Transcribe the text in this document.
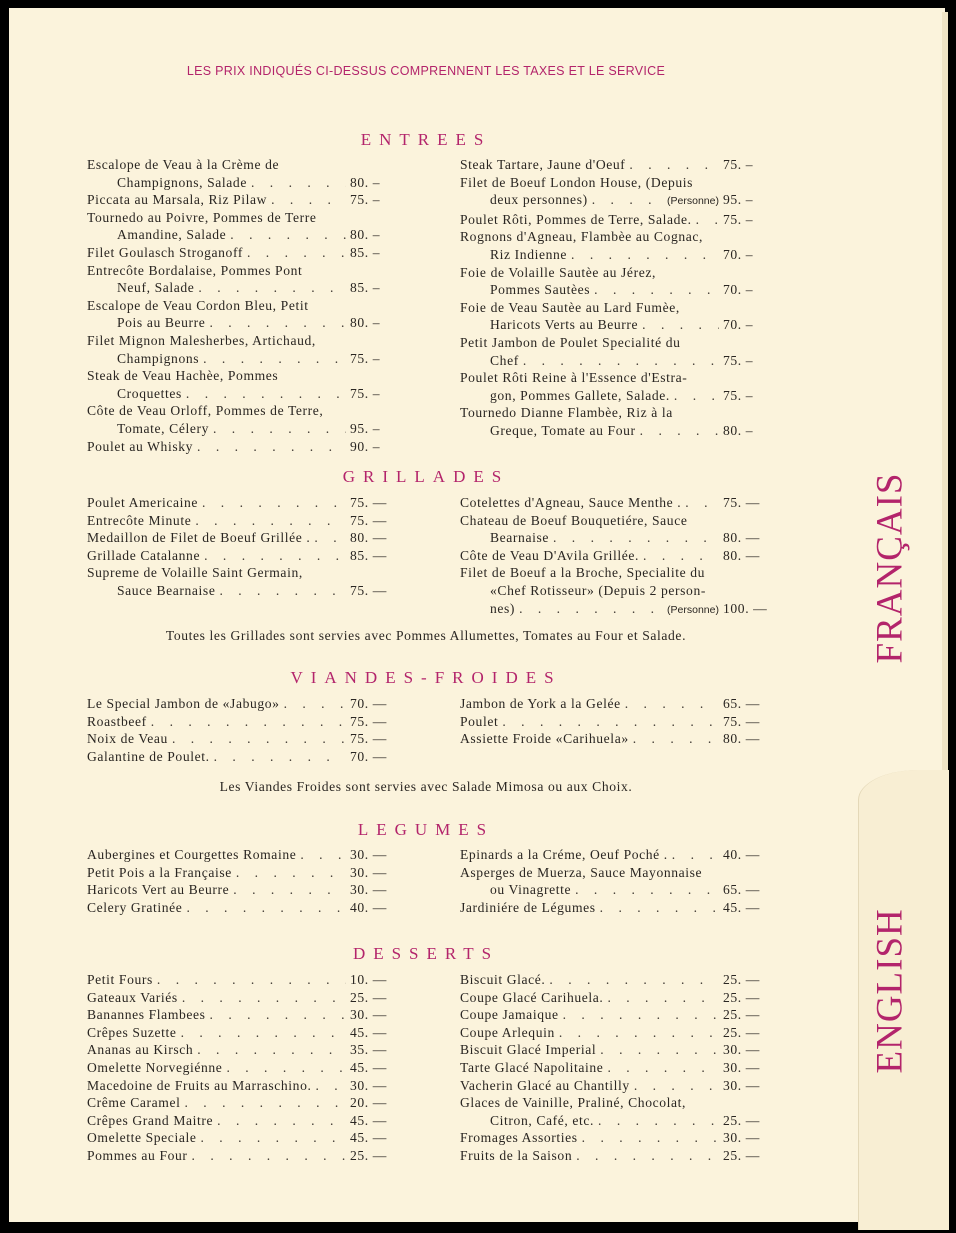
LES PRIX INDIQUÉS CI-DESSUS COMPRENNENT LES TAXES ET LE SERVICE
ENTREES
Escalope de Veau à la Crème de
Champignons, Salade . . .	80. –
Piccata au Marsala, Riz Pilaw . . .	75. –
Tournedo au Poivre, Pommes de Terre
Amandine, Salade . . .	80. –
Filet Goulasch Stroganoff . . .	85. –
Entrecôte Bordalaise, Pommes Pont
Neuf, Salade . . .	85. –
Escalope de Veau Cordon Bleu, Petit
Pois au Beurre . . .	80. –
Filet Mignon Malesherbes, Artichaud,
Champignons . . .	75. –
Steak de Veau Hachèe, Pommes
Croquettes . . .	75. –
Côte de Veau Orloff, Pommes de Terre,
Tomate, Célery . . .	95. –
Poulet au Whisky . . .	90. –
Steak Tartare, Jaune d'Oeuf . . .	75. –
Filet de Boeuf London House, (Depuis
deux personnes) . . .	(Personne) 95. –
Poulet Rôti, Pommes de Terre, Salade. . . . 75. –
Rognons d'Agneau, Flambèe au Cognac,
Riz Indienne . . .	70. –
Foie de Volaille Sautèe au Jérez,
Pommes Sautèes . . .	70. –
Foie de Veau Sautèe au Lard Fumèe,
Haricots Verts au Beurre . . .	70. –
Petit Jambon de Poulet Specialité du
Chef . . .	75. –
Poulet Rôti Reine à l'Essence d'Estra-
gon, Pommes Gallete, Salade. . . .	75. –
Tournedo Dianne Flambèe, Riz à la
Greque, Tomate au Four . . .	80. –
GRILLADES
Poulet Americaine . . .	75. —
Entrecôte Minute . . .	75. —
Medaillon de Filet de Boeuf Grillée . . . .	80. —
Grillade Catalanne . . .	85. —
Supreme de Volaille Saint Germain,
Sauce Bearnaise . . .	75. —
Cotelettes d'Agneau, Sauce Menthe . . . .	75. —
Chateau de Boeuf Bouquetiére, Sauce
Bearnaise . . .	80. —
Côte de Veau D'Avila Grillée. . . .	80. —
Filet de Boeuf a la Broche, Specialite du
«Chef Rotisseur» (Depuis 2 person-
nes) . . .	(Personne) 100. —
Toutes les Grillades sont servies avec Pommes Allumettes, Tomates au Four et Salade.
VIANDES-FROIDES
Le Special Jambon de «Jabugo» . . .	70. —
Roastbeef . . .	75. —
Noix de Veau . . .	75. —
Galantine de Poulet. . . .	70. —
Jambon de York a la Gelée . . .	65. —
Poulet . . .	75. —
Assiette Froide «Carihuela» . . .	80. —
Les Viandes Froides sont servies avec Salade Mimosa ou aux Choix.
LEGUMES
Aubergines et Courgettes Romaine . . .	30. —
Petit Pois a la Française . . .	30. —
Haricots Vert au Beurre . . .	30. —
Celery Gratinée . . .	40. —
Epinards a la Créme, Oeuf Poché . . . .	40. —
Asperges de Muerza, Sauce Mayonnaise
ou Vinagrette . . .	65. —
Jardiniére de Légumes . . .	45. —
DESSERTS
Petit Fours . . .	10. —
Gateaux Variés . . .	25. —
Banannes Flambees . . .	30. —
Crêpes Suzette . . .	45. —
Ananas au Kirsch . . .	35. —
Omelette Norvegiénne . . .	45. —
Macedoine de Fruits au Marraschino. . . .	30. —
Crême Caramel . . .	20. —
Crêpes Grand Maitre . . .	45. —
Omelette Speciale . . .	45. —
Pommes au Four . . .	25. —
Biscuit Glacé. . . .	25. —
Coupe Glacé Carihuela. . . .	25. —
Coupe Jamaique . . .	25. —
Coupe Arlequin . . .	25. —
Biscuit Glacé Imperial . . .	30. —
Tarte Glacé Napolitaine . . .	30. —
Vacherin Glacé au Chantilly . . .	30. —
Glaces de Vainille, Praliné, Chocolat,
Citron, Café, etc. . . .	25. —
Fromages Assorties . . .	30. —
Fruits de la Saison . . .	25. —
FRANÇAIS
ENGLISH
